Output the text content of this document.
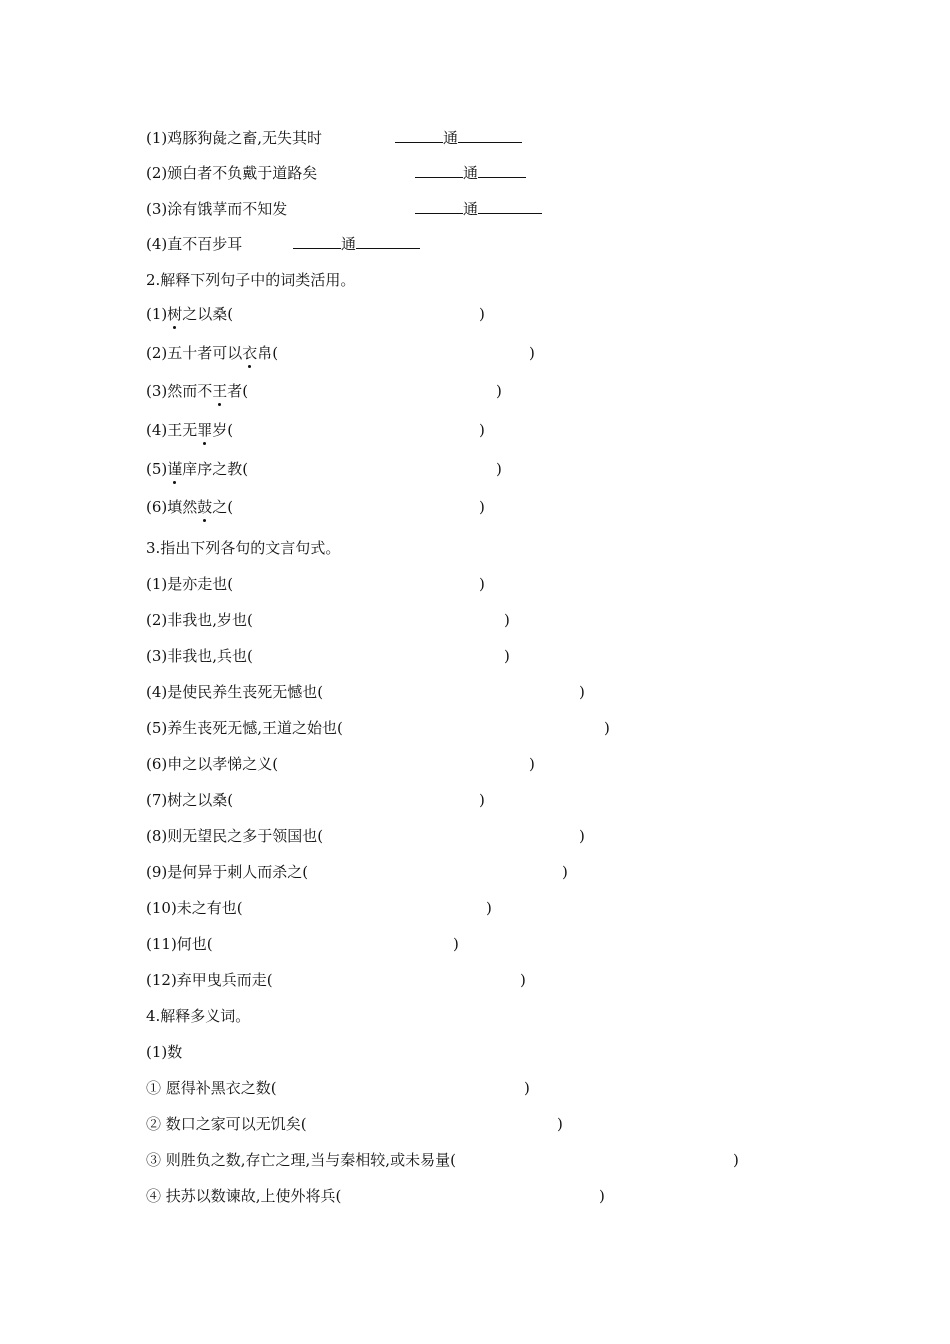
(1)鸡豚狗彘之畜,无失其时	通
(2)颁白者不负戴于道路矣	通
(3)涂有饿莩而不知发	通
(4)直不百步耳	通
2.解释下列句子中的词类活用。
(1)树之以桑(	)
(2)五十者可以衣帛(	)
(3)然而不王者(	)
(4)王无罪岁(	)
(5)谨庠序之教(	)
(6)填然鼓之(	)
3.指出下列各句的文言句式。
(1)是亦走也(	)
(2)非我也,岁也(	)
(3)非我也,兵也(	)
(4)是使民养生丧死无憾也(	)
(5)养生丧死无憾,王道之始也(	)
(6)申之以孝悌之义(	)
(7)树之以桑(	)
(8)则无望民之多于领国也(	)
(9)是何异于刺人而杀之(	)
(10)未之有也(	)
(11)何也(	)
(12)弃甲曳兵而走(	)
4.解释多义词。
(1)数
① 愿得补黑衣之数(	)
② 数口之家可以无饥矣(	)
③ 则胜负之数,存亡之理,当与秦相较,或未易量(	)
④ 扶苏以数谏故,上使外将兵(	)
